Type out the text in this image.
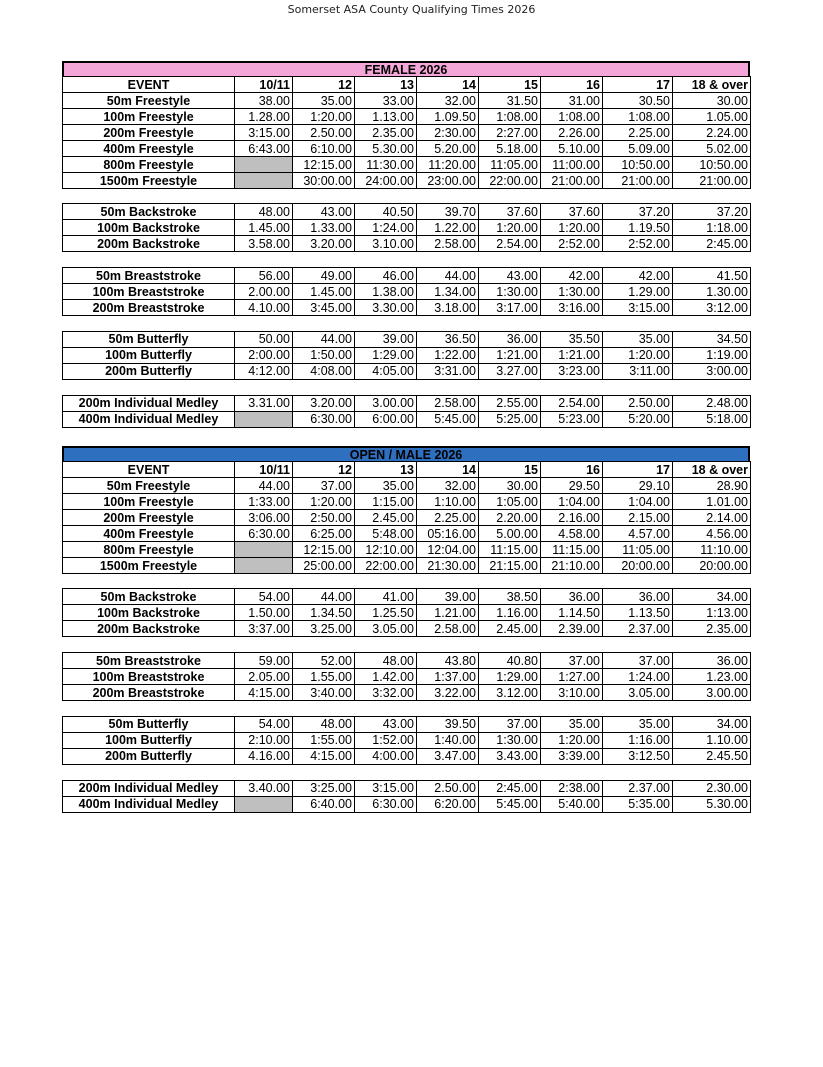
Somerset ASA County Qualifying Times 2026
FEMALE 2026
EVENT	10/11	12	13	14	15	16	17	18 & over
50m Freestyle	38.00	35.00	33.00	32.00	31.50	31.00	30.50	30.00
100m Freestyle	1.28.00	1:20.00	1.13.00	1.09.50	1:08.00	1:08.00	1:08.00	1.05.00
200m Freestyle	3:15.00	2.50.00	2.35.00	2:30.00	2:27.00	2.26.00	2.25.00	2.24.00
400m Freestyle	6:43.00	6:10.00	5.30.00	5.20.00	5.18.00	5.10.00	5.09.00	5.02.00
800m Freestyle		12:15.00	11:30.00	11:20.00	11:05.00	11:00.00	10:50.00	10:50.00
1500m Freestyle		30:00.00	24:00.00	23:00.00	22:00.00	21:00.00	21:00.00	21:00.00
50m Backstroke	48.00	43.00	40.50	39.70	37.60	37.60	37.20	37.20
100m Backstroke	1.45.00	1.33.00	1:24.00	1.22.00	1:20.00	1:20.00	1.19.50	1:18.00
200m Backstroke	3.58.00	3.20.00	3.10.00	2.58.00	2.54.00	2:52.00	2:52.00	2:45.00
50m Breaststroke	56.00	49.00	46.00	44.00	43.00	42.00	42.00	41.50
100m Breaststroke	2.00.00	1.45.00	1.38.00	1.34.00	1:30.00	1:30.00	1.29.00	1.30.00
200m Breaststroke	4.10.00	3:45.00	3.30.00	3.18.00	3:17.00	3:16.00	3:15.00	3:12.00
50m Butterfly	50.00	44.00	39.00	36.50	36.00	35.50	35.00	34.50
100m Butterfly	2:00.00	1:50.00	1:29.00	1:22.00	1:21.00	1:21.00	1:20.00	1:19.00
200m Butterfly	4:12.00	4:08.00	4:05.00	3:31.00	3.27.00	3:23.00	3:11.00	3:00.00
200m Individual Medley	3.31.00	3.20.00	3.00.00	2.58.00	2.55.00	2.54.00	2.50.00	2.48.00
400m Individual Medley		6:30.00	6:00.00	5:45.00	5:25.00	5:23.00	5:20.00	5:18.00
OPEN / MALE 2026
EVENT	10/11	12	13	14	15	16	17	18 & over
50m Freestyle	44.00	37.00	35.00	32.00	30.00	29.50	29.10	28.90
100m Freestyle	1:33.00	1:20.00	1:15.00	1:10.00	1:05.00	1:04.00	1:04.00	1.01.00
200m Freestyle	3:06.00	2:50.00	2.45.00	2.25.00	2.20.00	2.16.00	2.15.00	2.14.00
400m Freestyle	6:30.00	6:25.00	5:48.00	05:16.00	5.00.00	4.58.00	4.57.00	4.56.00
800m Freestyle		12:15.00	12:10.00	12:04.00	11:15.00	11:15.00	11:05.00	11:10.00
1500m Freestyle		25:00.00	22:00.00	21:30.00	21:15.00	21:10.00	20:00.00	20:00.00
50m Backstroke	54.00	44.00	41.00	39.00	38.50	36.00	36.00	34.00
100m Backstroke	1.50.00	1.34.50	1.25.50	1.21.00	1.16.00	1.14.50	1.13.50	1:13.00
200m Backstroke	3:37.00	3.25.00	3.05.00	2.58.00	2.45.00	2.39.00	2.37.00	2.35.00
50m Breaststroke	59.00	52.00	48.00	43.80	40.80	37.00	37.00	36.00
100m Breaststroke	2.05.00	1.55.00	1.42.00	1:37.00	1:29.00	1:27.00	1:24.00	1.23.00
200m Breaststroke	4:15.00	3:40.00	3:32.00	3.22.00	3.12.00	3:10.00	3.05.00	3.00.00
50m Butterfly	54.00	48.00	43.00	39.50	37.00	35.00	35.00	34.00
100m Butterfly	2:10.00	1:55.00	1:52.00	1:40.00	1:30.00	1:20.00	1:16.00	1.10.00
200m Butterfly	4.16.00	4:15.00	4:00.00	3.47.00	3.43.00	3:39.00	3:12.50	2.45.50
200m Individual Medley	3.40.00	3:25.00	3:15.00	2.50.00	2:45.00	2:38.00	2.37.00	2.30.00
400m Individual Medley		6:40.00	6:30.00	6:20.00	5:45.00	5:40.00	5:35.00	5.30.00
